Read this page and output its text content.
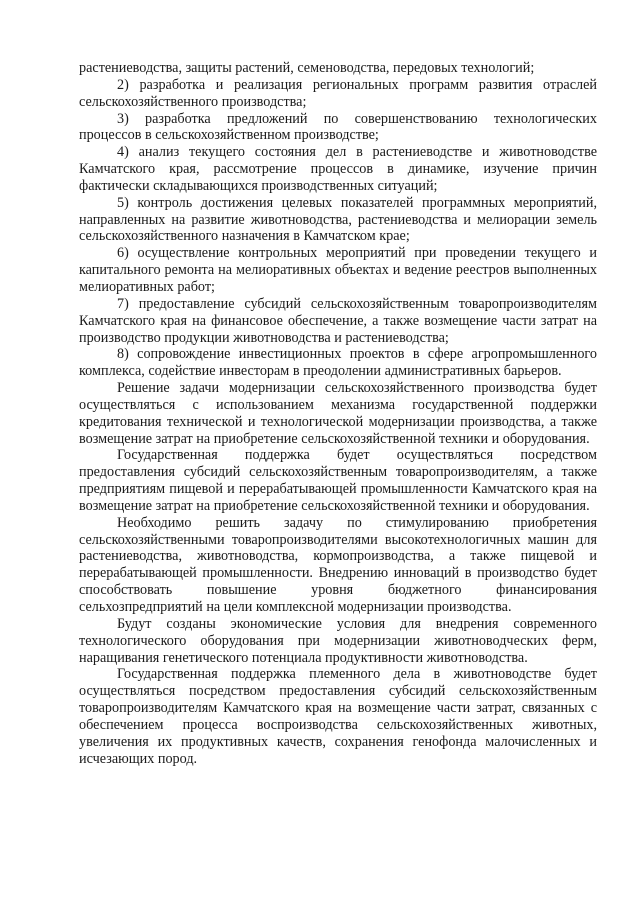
растениеводства, защиты растений, семеноводства, передовых технологий;

2) разработка и реализация региональных программ развития отраслей сельскохозяйственного производства;

3) разработка предложений по совершенствованию технологических процессов в сельскохозяйственном производстве;

4) анализ текущего состояния дел в растениеводстве и животноводстве Камчатского края, рассмотрение процессов в динамике, изучение причин фактически складывающихся производственных ситуаций;

5) контроль достижения целевых показателей программных мероприятий, направленных на развитие животноводства, растениеводства и мелиорации земель сельскохозяйственного назначения в Камчатском крае;

6) осуществление контрольных мероприятий при проведении текущего и капитального ремонта на мелиоративных объектах и ведение реестров выполненных мелиоративных работ;

7) предоставление субсидий сельскохозяйственным товаропроизводителям Камчатского края на финансовое обеспечение, а также возмещение части затрат на производство продукции животноводства и растениеводства;

8) сопровождение инвестиционных проектов в сфере агропромышленного комплекса, содействие инвесторам в преодолении административных барьеров.

Решение задачи модернизации сельскохозяйственного производства будет осуществляться с использованием механизма государственной поддержки кредитования технической и технологической модернизации производства, а также возмещение затрат на приобретение сельскохозяйственной техники и оборудования.

Государственная поддержка будет осуществляться посредством предоставления субсидий сельскохозяйственным товаропроизводителям, а также предприятиям пищевой и перерабатывающей промышленности Камчатского края на возмещение затрат на приобретение сельскохозяйственной техники и оборудования.

Необходимо решить задачу по стимулированию приобретения сельскохозяйственными товаропроизводителями высокотехнологичных машин для растениеводства, животноводства, кормопроизводства, а также пищевой и перерабатывающей промышленности. Внедрению инноваций в производство будет способствовать повышение уровня бюджетного финансирования сельхозпредприятий на цели комплексной модернизации производства.

Будут созданы экономические условия для внедрения современного технологического оборудования при модернизации животноводческих ферм, наращивания генетического потенциала продуктивности животноводства.

Государственная поддержка племенного дела в животноводстве будет осуществляться посредством предоставления субсидий сельскохозяйственным товаропроизводителям Камчатского края на возмещение части затрат, связанных с обеспечением процесса воспроизводства сельскохозяйственных животных, увеличения их продуктивных качеств, сохранения генофонда малочисленных и исчезающих пород.
